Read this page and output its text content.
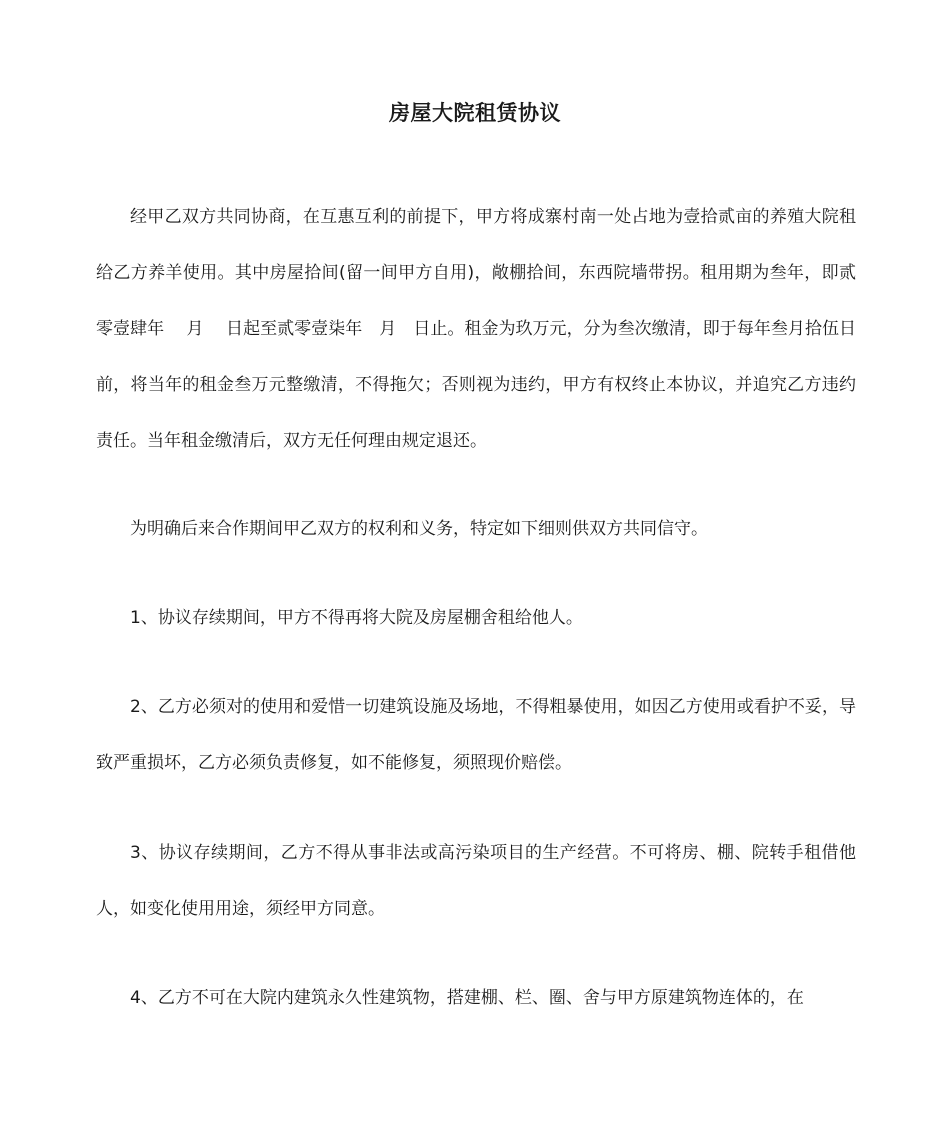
房屋大院租赁协议

经甲乙双方共同协商，在互惠互利的前提下，甲方将成寨村南一处占地为壹拾贰亩的养殖大院租给乙方养羊使用。其中房屋拾间(留一间甲方自用)，敞棚拾间，东西院墙带拐。租用期为叁年，即贰零壹肆年　 月　 日起至贰零壹柒年　月　日止。租金为玖万元，分为叁次缴清，即于每年叁月拾伍日前，将当年的租金叁万元整缴清，不得拖欠；否则视为违约，甲方有权终止本协议，并追究乙方违约责任。当年租金缴清后，双方无任何理由规定退还。

为明确后来合作期间甲乙双方的权利和义务，特定如下细则供双方共同信守。

1、协议存续期间，甲方不得再将大院及房屋棚舍租给他人。

2、乙方必须对的使用和爱惜一切建筑设施及场地，不得粗暴使用，如因乙方使用或看护不妥，导致严重损坏，乙方必须负责修复，如不能修复，须照现价赔偿。

3、协议存续期间，乙方不得从事非法或高污染项目的生产经营。不可将房、棚、院转手租借他人，如变化使用用途，须经甲方同意。

4、乙方不可在大院内建筑永久性建筑物，搭建棚、栏、圈、舍与甲方原建筑物连体的，在
